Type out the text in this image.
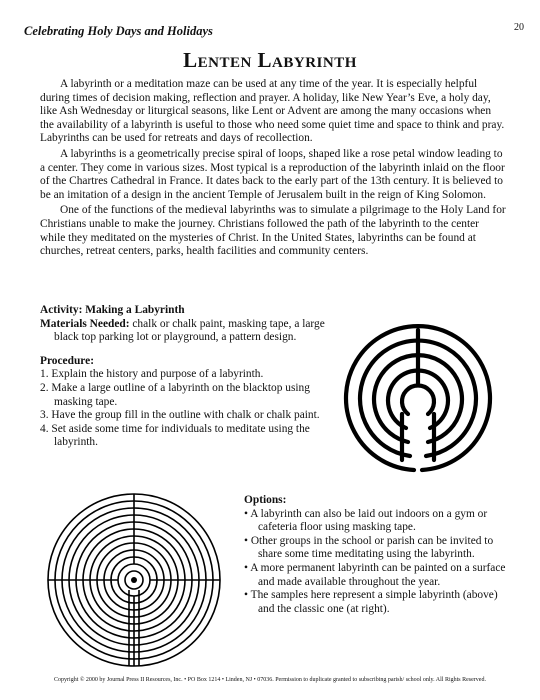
Celebrating Holy Days and Holidays	20
Lenten Labyrinth

A labyrinth or a meditation maze can be used at any time of the year. It is especially helpful during times of decision making, reflection and prayer. A holiday, like New Year’s Eve, a holy day, like Ash Wednesday or liturgical seasons, like Lent or Advent are among the many occasions when the availability of a labyrinth is useful to those who need some quiet time and space to think and pray. Labyrinths can be used for retreats and days of recollection.

A labyrinths is a geometrically precise spiral of loops, shaped like a rose petal window leading to a center. They come in various sizes. Most typical is a reproduction of the labyrinth inlaid on the floor of the Chartres Cathedral in France. It dates back to the early part of the 13th century. It is believed to be an imitation of a design in the ancient Temple of Jerusalem built in the reign of King Solomon.

One of the functions of the medieval labyrinths was to simulate a pilgrimage to the Holy Land for Christians unable to make the journey. Christians followed the path of the labyrinth to the center while they meditated on the mysteries of Christ. In the United States, labyrinths can be found at churches, retreat centers, parks, health facilities and community centers.

Activity: Making a Labyrinth
Materials Needed: chalk or chalk paint, masking tape, a large black top parking lot or playground, a pattern design.
Procedure:
1. Explain the history and purpose of a labyrinth.
2. Make a large outline of a labyrinth on the blacktop using masking tape.
3. Have the group fill in the outline with chalk or chalk paint.
4. Set aside some time for individuals to meditate using the labyrinth.
Options:
• A labyrinth can also be laid out indoors on a gym or cafeteria floor using masking tape.
• Other groups in the school or parish can be invited to share some time meditating using the labyrinth.
• A more permanent labyrinth can be painted on a surface and made available throughout the year.
• The samples here represent a simple labyrinth (above) and the classic one (at right).
Copyright © 2000 by Journal Press II Resources, Inc. • PO Box 1214 • Linden, NJ • 07036. Permission to duplicate granted to subscribing parish/ school only. All Rights Reserved.
